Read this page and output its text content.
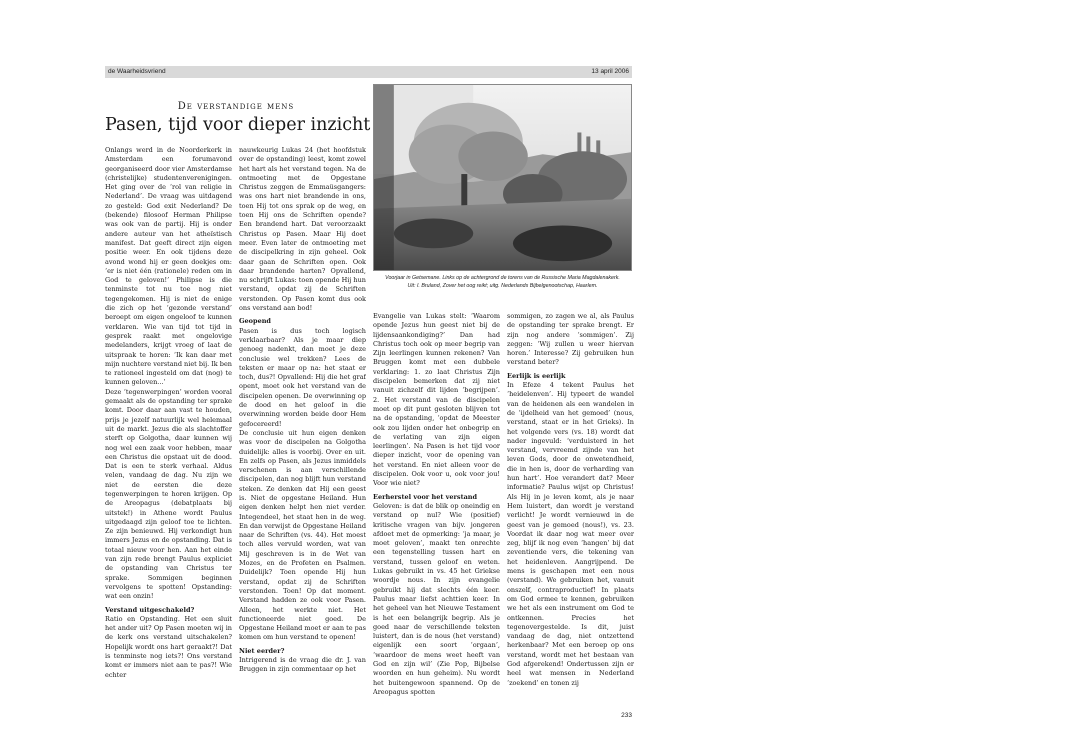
de Waarheidsvriend	13 april 2006
De verstandige mens
Pasen, tijd voor dieper inzicht

Onlangs werd in de Noorderkerk in Amsterdam een forumavond georganiseerd door vier Amsterdamse (christelijke) studentenverenigingen. Het ging over de ‘rol van religie in Nederland’. De vraag was uitdagend zo gesteld: God exit Nederland? De (bekende) filosoof Herman Philipse was ook van de partij. Hij is onder andere auteur van het atheïstisch manifest. Dat geeft direct zijn eigen positie weer. En ook tijdens deze avond wond hij er geen doekjes om: ‘er is niet één (rationele) reden om in God te geloven!’ Philipse is die tenminste tot nu toe nog niet tegengekomen. Hij is niet de enige die zich op het ‘gezonde verstand’ beroept om eigen ongeloof te kunnen verklaren. Wie van tijd tot tijd in gesprek raakt met ongelovige medelanders, krijgt vroeg of laat de uitspraak te horen: ‘Ik kan daar met mijn nuchtere verstand niet bij. Ik ben te rationeel ingesteld om dat (nog) te kunnen geloven...’

Deze ‘tegenwerpingen’ worden vooral gemaakt als de opstanding ter sprake komt. Door daar aan vast te houden, prijs je jezelf natuurlijk wel helemaal uit de markt. Jezus die als slachtoffer sterft op Golgotha, daar kunnen wij nog wel een zaak voor hebben, maar een Christus die opstaat uit de dood. Dat is een te sterk verhaal. Aldus velen, vandaag de dag. Nu zijn we niet de eersten die deze tegenwerpingen te horen krijgen. Op de Areopagus (debatplaats bij uitstek!) in Athene wordt Paulus uitgedaagd zijn geloof toe te lichten. Ze zijn benieuwd. Hij verkondigt hun immers Jezus en de opstanding. Dat is totaal nieuw voor hen. Aan het einde van zijn rede brengt Paulus expliciet de opstanding van Christus ter sprake. Sommigen beginnen vervolgens te spotten! Opstanding: wat een onzin!

Verstand uitgeschakeld?

Ratio en Opstanding. Het een sluit het ander uit? Op Pasen moeten wij in de kerk ons verstand uitschakelen? Hopelijk wordt ons hart geraakt?! Dat is tenminste nog iets?! Ons verstand komt er immers niet aan te pas?! Wie echter

nauwkeurig Lukas 24 (het hoofdstuk over de opstanding) leest, komt zowel het hart als het verstand tegen. Na de ontmoeting met de Opgestane Christus zeggen de Emmaüsgangers: was ons hart niet brandende in ons, toen Hij tot ons sprak op de weg, en toen Hij ons de Schriften opende? Een brandend hart. Dat veroorzaakt Christus op Pasen. Maar Hij doet meer. Even later de ontmoeting met de discipelkring in zijn geheel. Ook daar gaan de Schriften open. Ook daar brandende harten? Opvallend, nu schrijft Lukas: toen opende Hij hun verstand, opdat zij de Schriften verstonden. Op Pasen komt dus ook ons verstand aan bod!

Geopend

Pasen is dus toch logisch verklaarbaar? Als je maar diep genoeg nadenkt, dan moet je deze conclusie wel trekken? Lees de teksten er maar op na: het staat er toch, dus?! Opvallend: Hij die het graf opent, moet ook het verstand van de discipelen openen. De overwinning op de dood en het geloof in die overwinning worden beide door Hem gefocereerd!

De conclusie uit hun eigen denken was voor de discipelen na Golgotha duidelijk: alles is voorbij. Over en uit. En zelfs op Pasen, als Jezus inmiddels verschenen is aan verschillende discipelen, dan nog blijft hun verstand steken. Ze denken dat Hij een geest is. Niet de opgestane Heiland. Hun eigen denken helpt hen niet verder. Integendeel, het staat hen in de weg. En dan verwijst de Opgestane Heiland naar de Schriften (vs. 44). Het moest toch alles vervuld worden, wat van Mij geschreven is in de Wet van Mozes, en de Profeten en Psalmen. Duidelijk? Toen opende Hij hun verstand, opdat zij de Schriften verstonden. Toen! Op dat moment. Verstand hadden ze ook voor Pasen. Alleen, het werkte niet. Het functioneerde niet goed. De Opgestane Heiland moet er aan te pas komen om hun verstand te openen!

Niet eerder?

Intrigerend is de vraag die dr. J. van Bruggen in zijn commentaar op het

Voorjaar in Getsemane. Links op de achtergrond de torens van de Russische Maria Magdalenakerk.
Uit: I. Bruland, Zover het oog reikt; uitg. Nederlands Bijbelgenootschap, Haarlem.

Evangelie van Lukas stelt: ‘Waarom opende Jezus hun geest niet bij de lijdensaankondiging?’ Dan had Christus toch ook op meer begrip van Zijn leerlingen kunnen rekenen? Van Bruggen komt met een dubbele verklaring: 1. zo laat Christus Zijn discipelen bemerken dat zij niet vanuit zichzelf dit lijden ‘begrijpen’. 2. Het verstand van de discipelen moet op dit punt gesloten blijven tot na de opstanding, ‘opdat de Meester ook zou lijden onder het onbegrip en de verlating van zijn eigen leerlingen’. Na Pasen is het tijd voor dieper inzicht, voor de opening van het verstand. En niet alleen voor de discipelen. Ook voor u, ook voor jou! Voor wie niet?

Eerherstel voor het verstand

Geloven: is dat de blik op oneindig en verstand op nul? Wie (positief) kritische vragen van bijv. jongeren afdoet met de opmerking: ‘ja maar, je moet geloven’, maakt ten onrechte een tegenstelling tussen hart en verstand, tussen geloof en weten. Lukas gebruikt in vs. 45 het Griekse woordje nous. In zijn evangelie gebruikt hij dat slechts één keer. Paulus maar liefst achttien keer. In het geheel van het Nieuwe Testament is het een belangrijk begrip. Als je goed naar de verschillende teksten luistert, dan is de nous (het verstand) eigenlijk een soort ‘orgaan’, ‘waardoor de mens weet heeft van God en zijn wil’ (Zie Pop, Bijbelse woorden en hun geheim). Nu wordt het buitengewoon spannend. Op de Areopagus spotten

sommigen, zo zagen we al, als Paulus de opstanding ter sprake brengt. Er zijn nog andere ‘sommigen’. Zij zeggen: ‘Wij zullen u weer hiervan horen.’ Interesse? Zij gebruiken hun verstand beter?

Eerlijk is eerlijk

In Efeze 4 tekent Paulus het ‘heidelenven’. Hij typeert de wandel van de heidenen als een wandelen in de ‘ijdelheid van het gemoed’ (nous, verstand, staat er in het Grieks). In het volgende vers (vs. 18) wordt dat nader ingevuld: ‘verduisterd in het verstand, vervreemd zijnde van het leven Gods, door de onwetendheid, die in hen is, door de verharding van hun hart’. Hoe verandert dat? Meer informatie? Paulus wijst op Christus! Als Hij in je leven komt, als je naar Hem luistert, dan wordt je verstand verlicht! Je wordt vernieuwd in de geest van je gemoed (nous!), vs. 23. Voordat ik daar nog wat meer over zeg, blijf ik nog even ‘hangen’ bij dat zeventiende vers, die tekening van het heidenleven. Aangrijpend. De mens is geschapen met een nous (verstand). We gebruiken het, vanuit onszelf, contraproductief! In plaats om God ermee te kennen, gebruiken we het als een instrument om God te ontkennen. Precies het tegenovergestelde. Is dit, juist vandaag de dag, niet ontzettend herkenbaar? Met een beroep op ons verstand, wordt met het bestaan van God afgerekend! Ondertussen zijn er heel wat mensen in Nederland ‘zoekend’ en tonen zij

233
